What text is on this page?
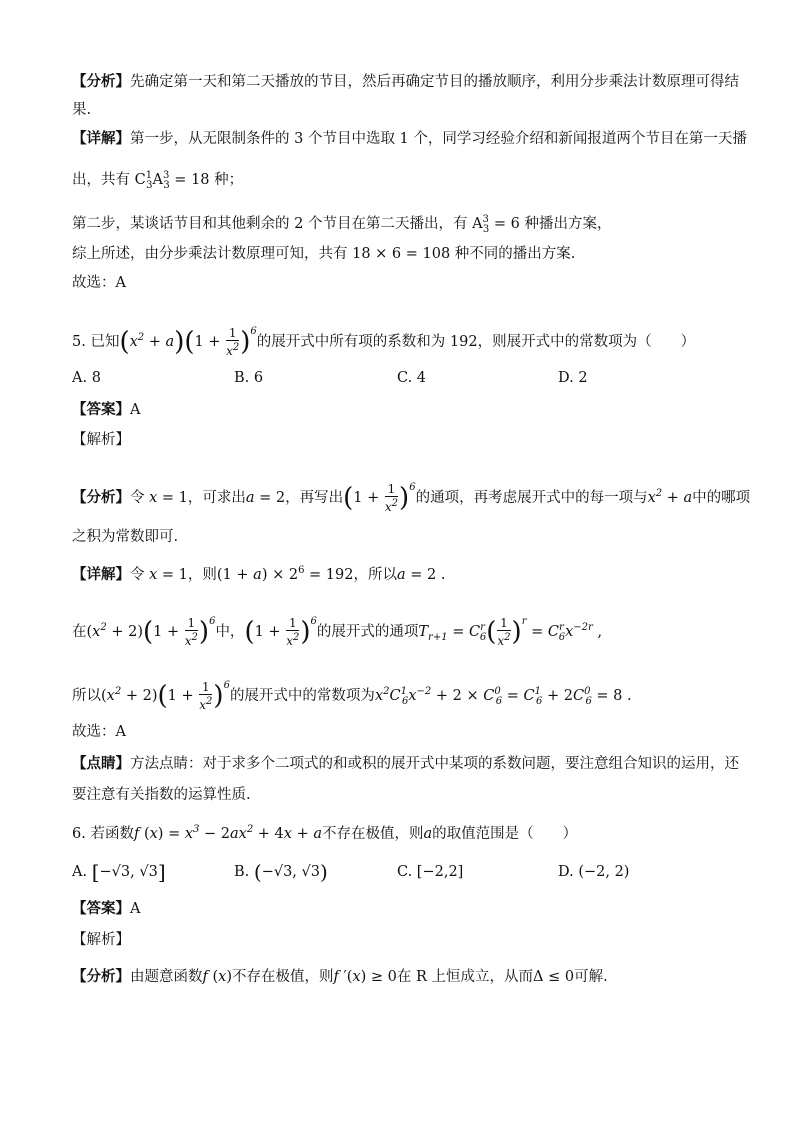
【分析】先确定第一天和第二天播放的节目，然后再确定节目的播放顺序，利用分步乘法计数原理可得结
果.
【详解】第一步，从无限制条件的 3 个节目中选取 1 个，同学习经验介绍和新闻报道两个节目在第一天播
出，共有 $C^1_3A^3_3 = 18$ 种；
第二步，某谈话节目和其他剩余的 2 个节目在第二天播出，有 $A^3_3 = 6$ 种播出方案，
综上所述，由分步乘法计数原理可知，共有 18 × 6 = 108 种不同的播出方案.
故选：A
5. 已知$(x^2 + a)(1 + \frac{1}{x^2} )^6$的展开式中所有项的系数和为 192，则展开式中的常数项为（　　）
A. 8	B. 6	C. 4	D. 2
【答案】A
【解析】
【分析】令 x = 1，可求出a = 2，再写出$(1 + \frac{1}{x^2} )^6$的通项，再考虑展开式中的每一项与$x^2 + a$中的哪项
之积为常数即可.
【详解】令 x = 1，则$(1 + a) \times 2^6 = 192$，所以a = 2 .
在$(x^2 + 2)(1 + \frac{1}{x^2} )^6$中，$(1 + \frac{1}{x^2} )^6$的展开式的通项$T_{r+1} = C^r_6( \frac{1}{x^2} )^r = C^r_6x^{-2r}$ ,
所以$(x^2 + 2)(1 + \frac{1}{x^2} )^6$的展开式中的常数项为$x^2C^1_6x^{-2} + 2 \times C^0_6 = C^1_6 + 2C^0_6 = 8$ .
故选：A
【点睛】方法点睛：对于求多个二项式的和或积的展开式中某项的系数问题，要注意组合知识的运用，还
要注意有关指数的运算性质.
6. 若函数f $(x) = x^3 - 2ax^2 + 4x + a$不存在极值，则a的取值范围是（　　）
A. [−√3, √3]	B. (−√3, √3)	C. [−2,2]	D. (−2, 2)
【答案】A
【解析】
【分析】由题意函数f (x)不存在极值，则f ′(x) ≥ 0在 R 上恒成立，从而Δ ≤ 0可解.
